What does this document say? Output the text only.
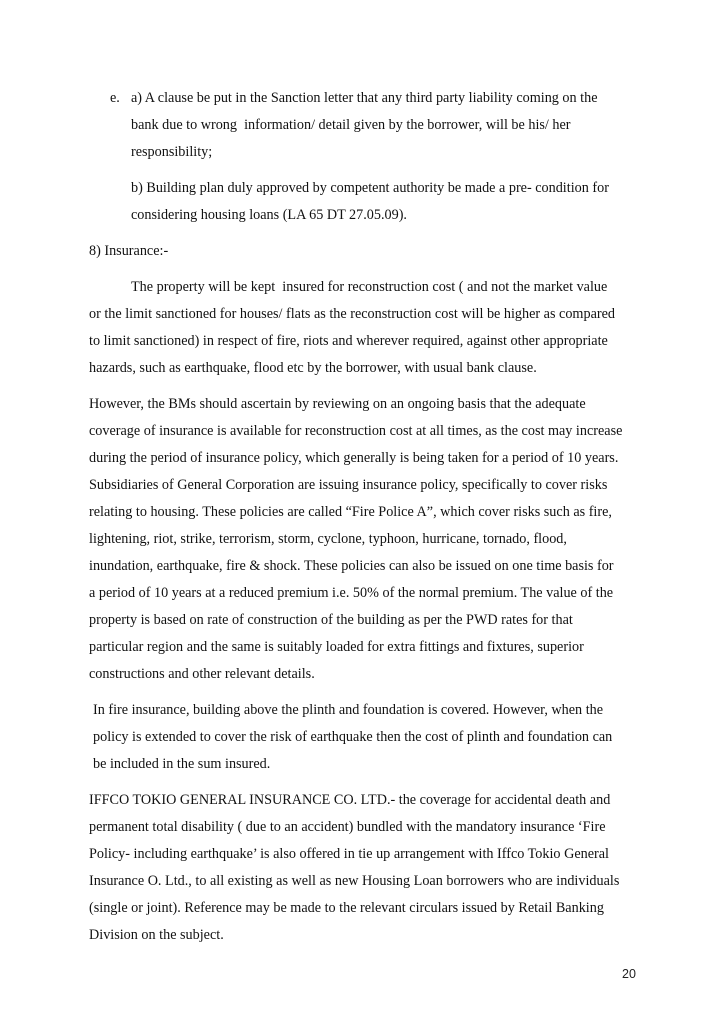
e. a) A clause be put in the Sanction letter that any third party liability coming on the
bank due to wrong  information/ detail given by the borrower, will be his/ her
responsibility;
b) Building plan duly approved by competent authority be made a pre- condition for
considering housing loans (LA 65 DT 27.05.09).
8) Insurance:-
The property will be kept  insured for reconstruction cost ( and not the market value
or the limit sanctioned for houses/ flats as the reconstruction cost will be higher as compared
to limit sanctioned) in respect of fire, riots and wherever required, against other appropriate
hazards, such as earthquake, flood etc by the borrower, with usual bank clause.
However, the BMs should ascertain by reviewing on an ongoing basis that the adequate
coverage of insurance is available for reconstruction cost at all times, as the cost may increase
during the period of insurance policy, which generally is being taken for a period of 10 years.
Subsidiaries of General Corporation are issuing insurance policy, specifically to cover risks
relating to housing. These policies are called “Fire Police A”, which cover risks such as fire,
lightening, riot, strike, terrorism, storm, cyclone, typhoon, hurricane, tornado, flood,
inundation, earthquake, fire & shock. These policies can also be issued on one time basis for
a period of 10 years at a reduced premium i.e. 50% of the normal premium. The value of the
property is based on rate of construction of the building as per the PWD rates for that
particular region and the same is suitably loaded for extra fittings and fixtures, superior
constructions and other relevant details.
In fire insurance, building above the plinth and foundation is covered. However, when the
policy is extended to cover the risk of earthquake then the cost of plinth and foundation can
be included in the sum insured.
IFFCO TOKIO GENERAL INSURANCE CO. LTD.- the coverage for accidental death and
permanent total disability ( due to an accident) bundled with the mandatory insurance ‘Fire
Policy- including earthquake’ is also offered in tie up arrangement with Iffco Tokio General
Insurance O. Ltd., to all existing as well as new Housing Loan borrowers who are individuals
(single or joint). Reference may be made to the relevant circulars issued by Retail Banking
Division on the subject.
20
